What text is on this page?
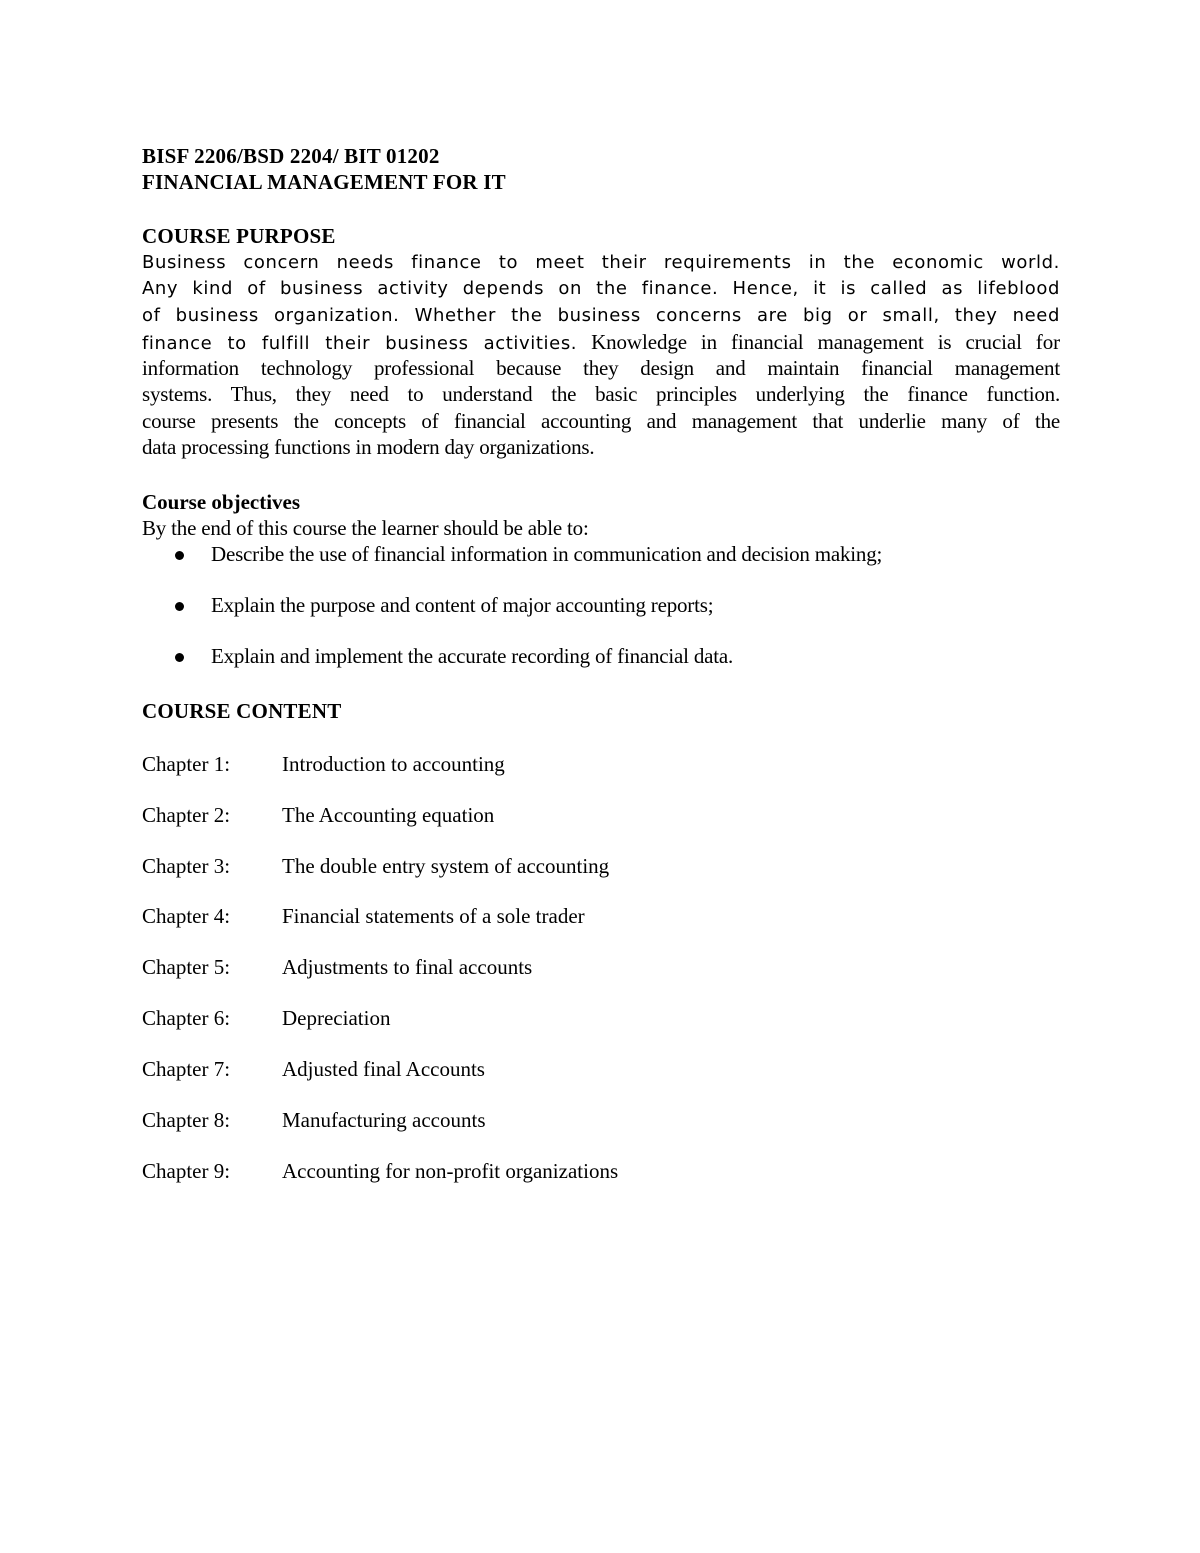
BISF 2206/BSD 2204/ BIT 01202
FINANCIAL MANAGEMENT FOR IT
COURSE PURPOSE
Business concern needs finance to meet their requirements in the economic world.
Any kind of business activity depends on the finance. Hence, it is called as lifeblood
of business organization. Whether the business concerns are big or small, they need
finance to fulfill their business activities. Knowledge in financial management is crucial for
information technology professional because they design and maintain financial management
systems. Thus, they need to understand the basic principles underlying the finance function.
course presents the concepts of financial accounting and management that underlie many of the
data processing functions in modern day organizations.
Course objectives
By the end of this course the learner should be able to:
Describe the use of financial information in communication and decision making;
Explain the purpose and content of major accounting reports;
Explain and implement the accurate recording of financial data.
COURSE CONTENT
Chapter 1: Introduction to accounting
Chapter 2: The Accounting equation
Chapter 3: The double entry system of accounting
Chapter 4: Financial statements of a sole trader
Chapter 5: Adjustments to final accounts
Chapter 6: Depreciation
Chapter 7: Adjusted final Accounts
Chapter 8: Manufacturing accounts
Chapter 9: Accounting for non-profit organizations
